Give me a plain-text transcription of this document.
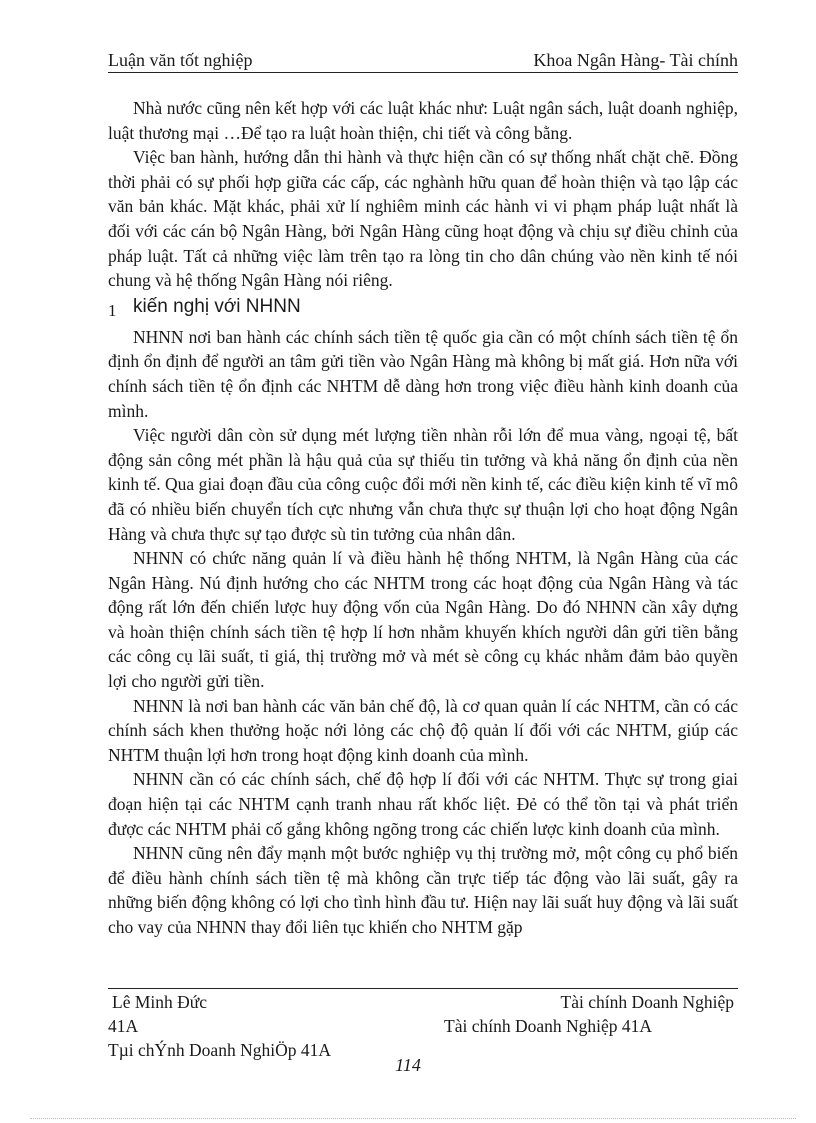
Luận văn tốt nghiệp	Khoa Ngân Hàng- Tài chính

Nhà nước cũng nên kết hợp với các luật khác như: Luật ngân sách, luật doanh nghiệp, luật thương mại …Để tạo ra luật hoàn thiện, chi tiết và công bằng.

Việc ban hành, hướng dẫn thi hành và thực hiện cần có sự thống nhất chặt chẽ. Đồng thời phải có sự phối hợp giữa các cấp, các nghành hữu quan để hoàn thiện và tạo lập các văn bản khác. Mặt khác, phải xử lí nghiêm minh các hành vi vi phạm pháp luật nhất là đối với các cán bộ Ngân Hàng, bởi Ngân Hàng cũng hoạt động và chịu sự điều chỉnh của pháp luật. Tất cả những việc làm trên tạo ra lòng tin cho dân chúng vào nền kinh tế nói chung và hệ thống Ngân Hàng nói riêng.

1 kiến nghị với NHNN

NHNN nơi ban hành các chính sách tiền tệ quốc gia cần có một chính sách tiền tệ ổn định ổn định để người an tâm gửi tiền vào Ngân Hàng mà không bị mất giá. Hơn nữa với chính sách tiền tệ ổn định các NHTM dễ dàng hơn trong việc điều hành kinh doanh của mình.

Việc người dân còn sử dụng mét lượng tiền nhàn rỗi lớn để mua vàng, ngoại tệ, bất động sản công mét phần là hậu quả của sự thiếu tin tưởng và khả năng ổn định của nền kinh tế. Qua giai đoạn đầu của công cuộc đổi mới nền kinh tế, các điều kiện kinh tế vĩ mô đã có nhiều biến chuyển tích cực nhưng vẫn chưa thực sự thuận lợi cho hoạt động Ngân Hàng và chưa thực sự tạo được sù tin tưởng của nhân dân.

NHNN có chức năng quản lí và điều hành hệ thống NHTM, là Ngân Hàng của các Ngân Hàng. Nú định hướng cho các NHTM trong các hoạt động của Ngân Hàng và tác động rất lớn đến chiến lược huy động vốn của Ngân Hàng. Do đó NHNN cần xây dựng và hoàn thiện chính sách tiền tệ hợp lí hơn nhằm khuyến khích người dân gửi tiền bằng các công cụ lãi suất, tỉ giá, thị trường mở và mét sè công cụ khác nhằm đảm bảo quyền lợi cho người gửi tiền.

NHNN là nơi ban hành các văn bản chế độ, là cơ quan quản lí các NHTM, cần có các chính sách khen thưởng hoặc nới lỏng các chộ độ quản lí đối với các NHTM, giúp các NHTM thuận lợi hơn trong hoạt động kinh doanh của mình.

NHNN cần có các chính sách, chế độ hợp lí đối với các NHTM. Thực sự trong giai đoạn hiện tại các NHTM cạnh tranh nhau rất khốc liệt. Đẻ có thể tồn tại và phát triển được các NHTM phải cố gắng không ngõng trong các chiến lược kinh doanh của mình.

NHNN cũng nên đẩy mạnh một bước nghiệp vụ thị trường mở, một công cụ phổ biến để điều hành chính sách tiền tệ mà không cần trực tiếp tác động vào lãi suất, gây ra những biến động không có lợi cho tình hình đầu tư. Hiện nay lãi suất huy động và lãi suất cho vay của NHNN thay đổi liên tục khiến cho NHTM gặp

Lê Minh Đức	Tài chính Doanh Nghiệp
41A	Tài chính Doanh Nghiệp 41A
Tµi chÝnh Doanh NghiÖp 41A
114
